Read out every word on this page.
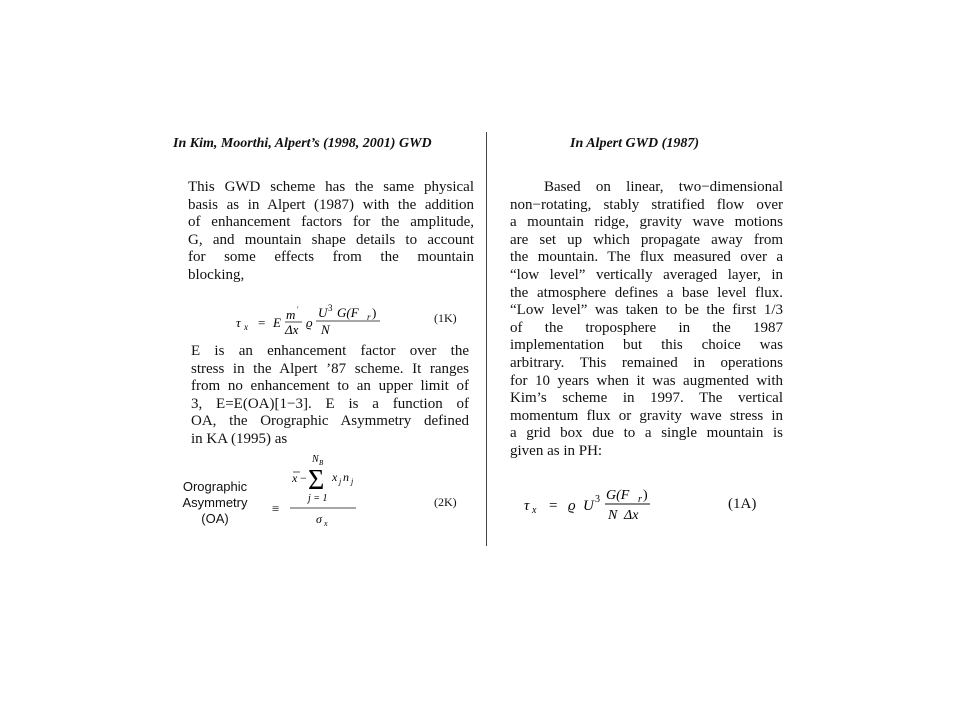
In Kim, Moorthi, Alpert’s (1998, 2001) GWD
This GWD scheme has the same physical
basis as in Alpert (1987) with the addition
of enhancement factors for the amplitude,
G, and mountain shape details to account
for some effects from the mountain
blocking,
τ x = E
m ′
Δx ϱ
U 3 G(F r )
N
(1K)
E is an enhancement factor over the
stress in the Alpert ’87 scheme. It ranges
from no enhancement to an upper limit of
3, E=E(OA)[1−3]. E is a function of
OA, the Orographic Asymmetry defined
in KA (1995) as
Orographic
Asymmetry
(OA)
N B
x − Σ x j n j
j = 1
≡
σ x
(2K)
In Alpert GWD (1987)
Based on linear, two−dimensional
non−rotating, stably stratified flow over
a mountain ridge, gravity wave motions
are set up which propagate away from
the mountain. The flux measured over a
“low level” vertically averaged layer, in
the atmosphere defines a base level flux.
“Low level” was taken to be the first 1/3
of the troposphere in the 1987
implementation but this choice was
arbitrary. This remained in operations
for 10 years when it was augmented with
Kim’s scheme in 1997. The vertical
momentum flux or gravity wave stress in
a grid box due to a single mountain is
given as in PH:
τ x = ϱ U 3 G(F r )
N Δx
(1A)
